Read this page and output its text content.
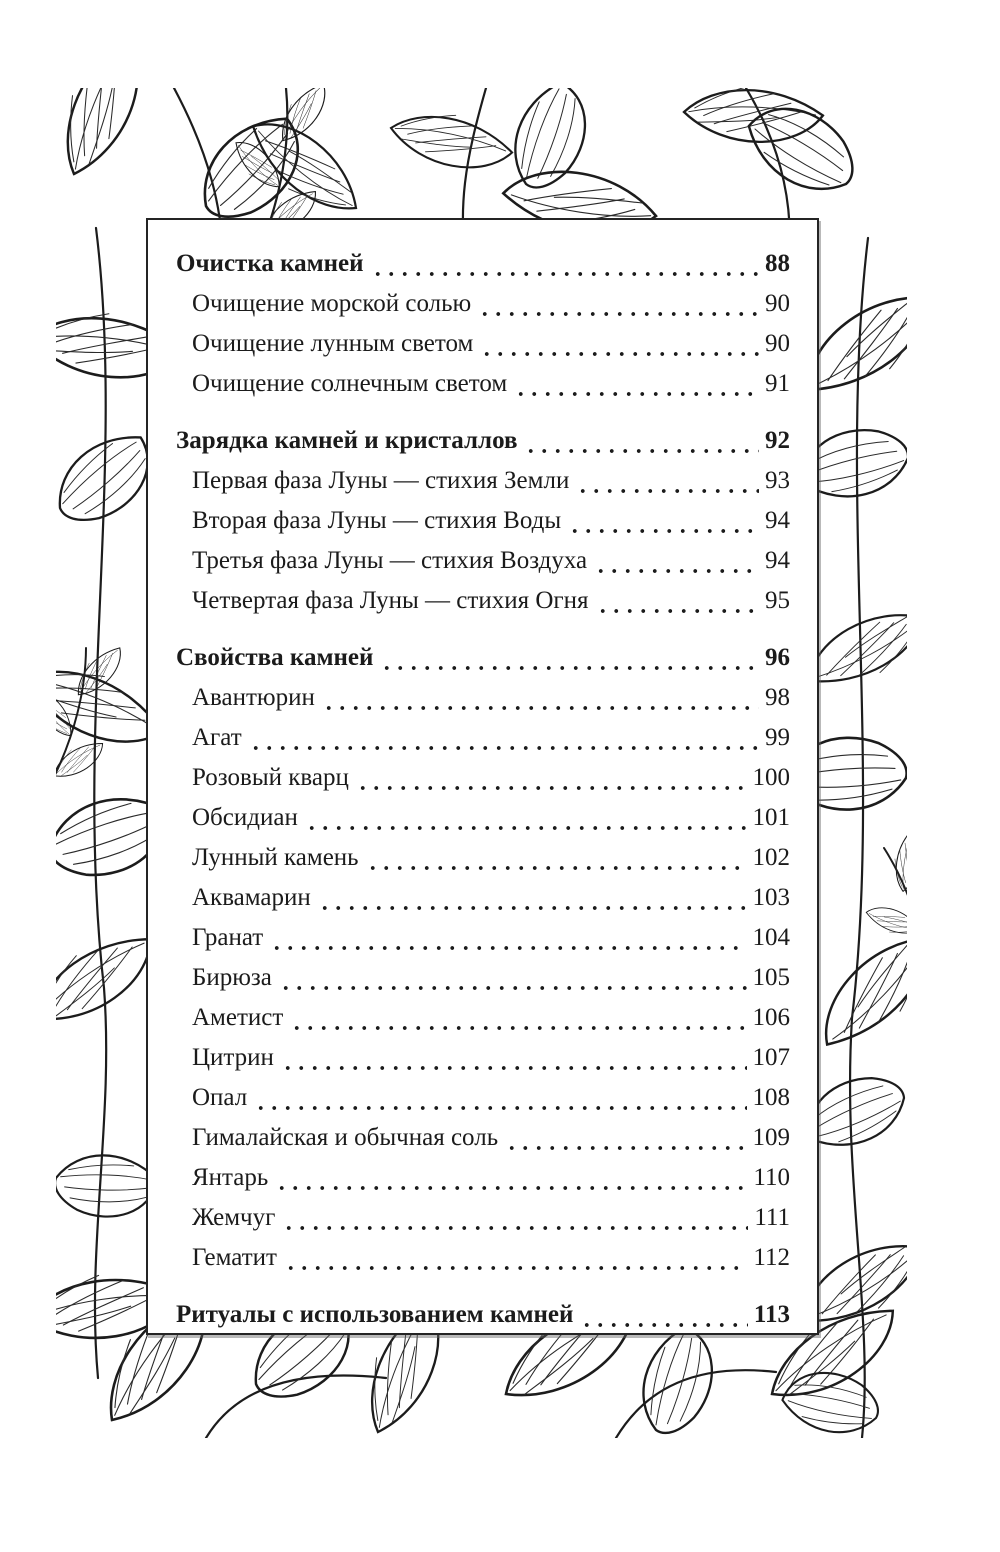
Очистка камней	88
Очищение морской солью	90
Очищение лунным светом	90
Очищение солнечным светом	91
Зарядка камней и кристаллов	92
Первая фаза Луны — стихия Земли	93
Вторая фаза Луны — стихия Воды	94
Третья фаза Луны — стихия Воздуха	94
Четвертая фаза Луны — стихия Огня	95
Свойства камней	96
Авантюрин	98
Агат	99
Розовый кварц	100
Обсидиан	101
Лунный камень	102
Аквамарин	103
Гранат	104
Бирюза	105
Аметист	106
Цитрин	107
Опал	108
Гималайская и обычная соль	109
Янтарь	110
Жемчуг	111
Гематит	112
Ритуалы с использованием камней	113
